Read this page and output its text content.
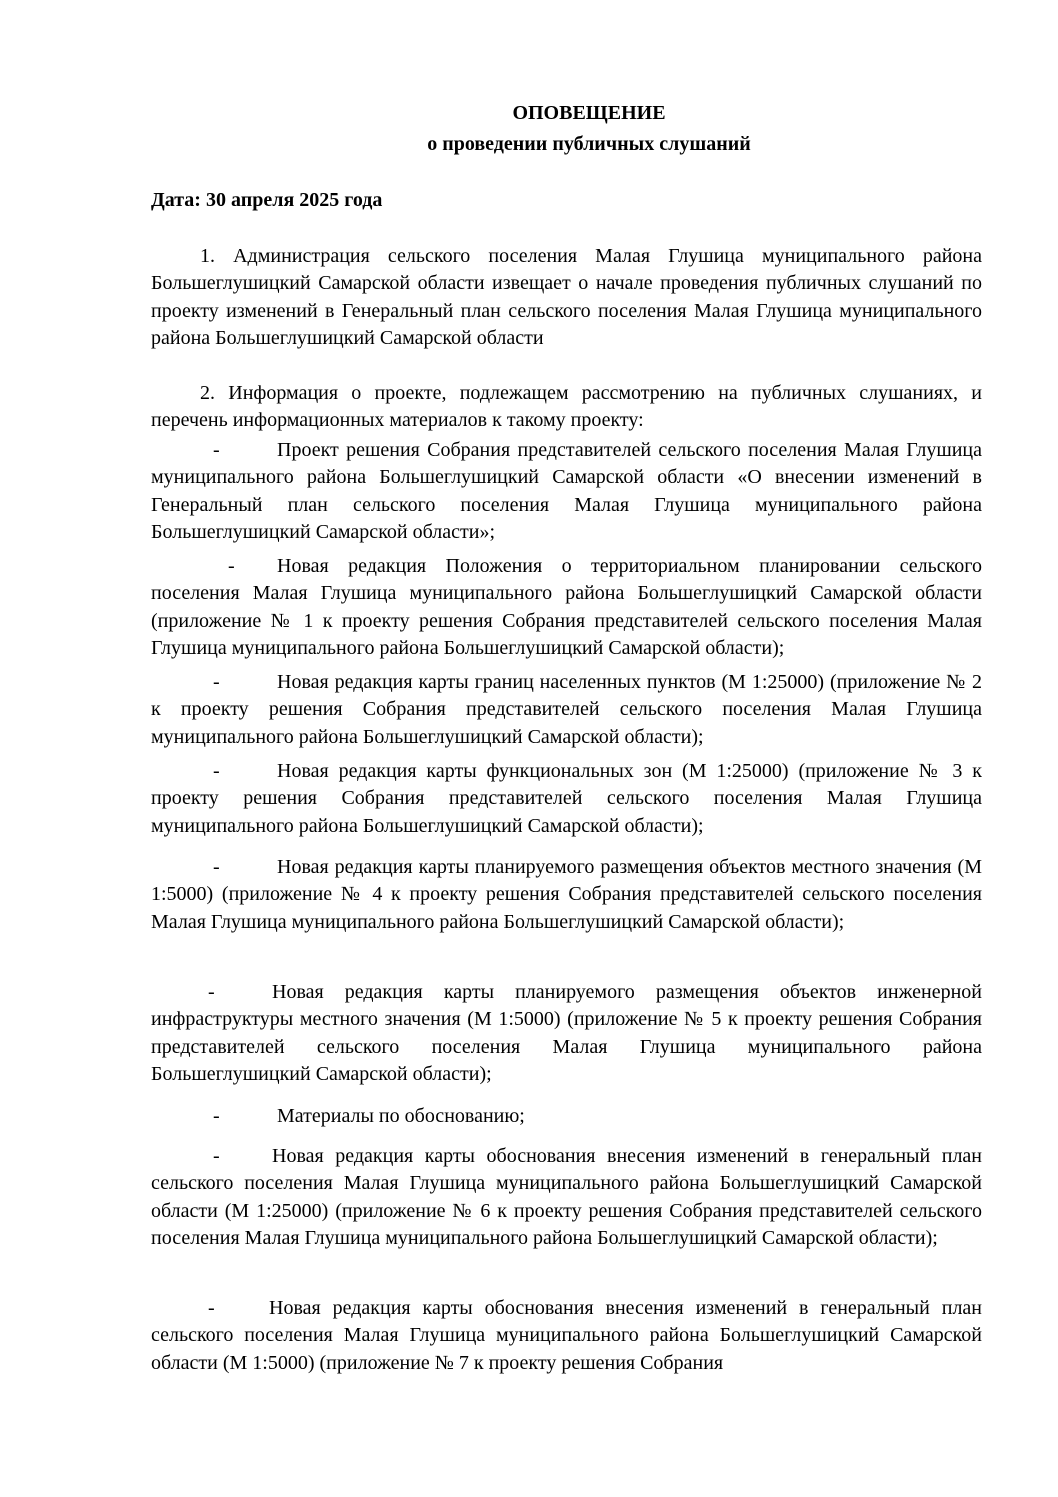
ОПОВЕЩЕНИЕ
о проведении публичных слушаний
Дата: 30 апреля 2025 года

1. Администрация сельского поселения Малая Глушица муниципального района Большеглушицкий Самарской области извещает о начале проведения публичных слушаний по проекту изменений в Генеральный план сельского поселения Малая Глушица муниципального района Большеглушицкий Самарской области

2. Информация о проекте, подлежащем рассмотрению на публичных слушаниях, и перечень информационных материалов к такому проекту:

-	Проект решения Собрания представителей сельского поселения Малая Глушица муниципального района Большеглушицкий Самарской области «О внесении изменений в Генеральный план сельского поселения Малая Глушица муниципального района Большеглушицкий Самарской области»;

-	Новая редакция Положения о территориальном планировании сельского поселения Малая Глушица муниципального района Большеглушицкий Самарской области (приложение № 1 к проекту решения Собрания представителей сельского поселения Малая Глушица муниципального района Большеглушицкий Самарской области);

-	Новая редакция карты границ населенных пунктов (М 1:25000) (приложение № 2 к проекту решения Собрания представителей сельского поселения Малая Глушица муниципального района Большеглушицкий Самарской области);

-	Новая редакция карты функциональных зон (М 1:25000) (приложение № 3 к проекту решения Собрания представителей сельского поселения Малая Глушица муниципального района Большеглушицкий Самарской области);

-	Новая редакция карты планируемого размещения объектов местного значения (М 1:5000) (приложение № 4 к проекту решения Собрания представителей сельского поселения Малая Глушица муниципального района Большеглушицкий Самарской области);

-	Новая редакция карты планируемого размещения объектов инженерной инфраструктуры местного значения (М 1:5000) (приложение № 5 к проекту решения Собрания представителей сельского поселения Малая Глушица муниципального района Большеглушицкий Самарской области);

-	Материалы по обоснованию;

-	Новая редакция карты обоснования внесения изменений в генеральный план сельского поселения Малая Глушица муниципального района Большеглушицкий Самарской области (М 1:25000) (приложение № 6 к проекту решения Собрания представителей сельского поселения Малая Глушица муниципального района Большеглушицкий Самарской области);

-	Новая редакция карты обоснования внесения изменений в генеральный план сельского поселения Малая Глушица муниципального района Большеглушицкий Самарской области (М 1:5000) (приложение № 7 к проекту решения Собрания
